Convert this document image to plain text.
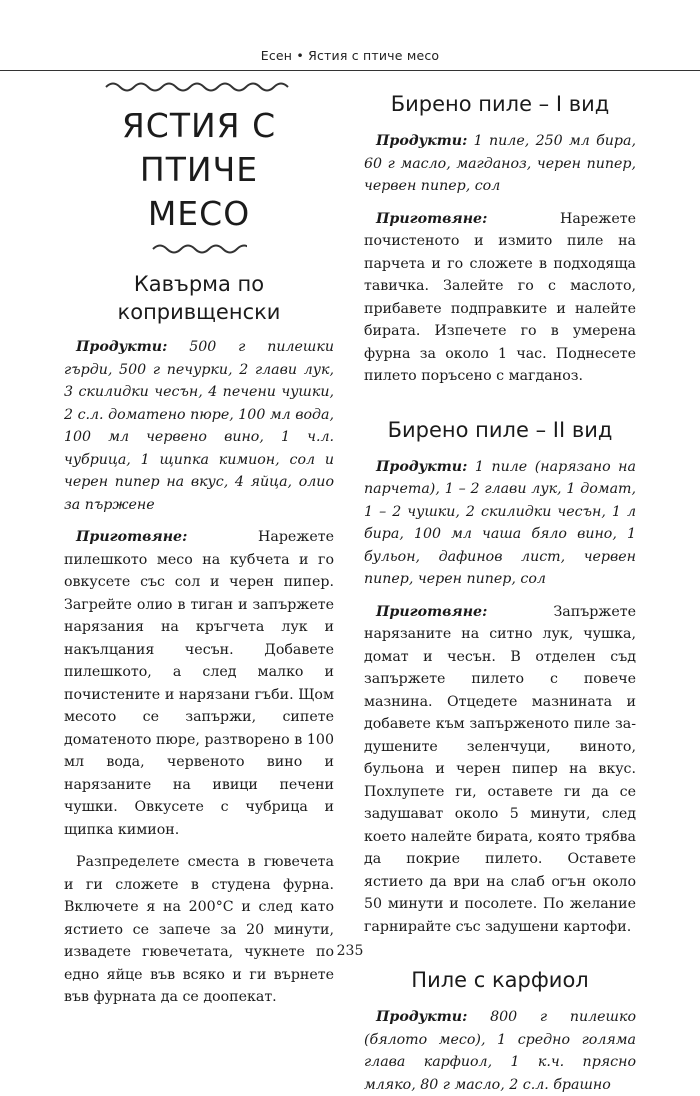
Есен • Ястия с птиче месо
ЯСТИЯ С ПТИЧЕ
МЕСО
Кавърма по
копривщенски

Продукти: 500 г пилешки гърди, 500 г печурки, 2 глави лук, 3 скилидки чесън, 4 печени чушки, 2 с.л. доматено пюре, 100 мл вода, 100 мл червено вино, 1 ч.л. чубрица, 1 щипка кимион, сол и черен пипер на вкус, 4 яйца, олио за пържене

Приготвяне:	Нарежете пилешкото месо на кубчета и го овкусете със сол и черен пипер. Загрейте олио в тиган и запържете нарязания на кръгчета лук и накълцания чесън. Добавете пилешкото, а след малко и почистените и нарязани гъби. Щом месото се запържи, сипете доматеното пюре, разтворено в 100 мл вода, червеното вино и нарязаните на ивици печени чушки. Овкусете с чубрица и щипка кимион.

Разпределете сместа в гювечета и ги сложете в студена фурна. Включете я на 200°C и след като ястието се запече за 20 минути, извадете гювечетата, чукнете по едно яйце във всяко и ги върнете във фурната да се доопекат.

Бирено пиле – I вид

Продукти: 1 пиле, 250 мл бира, 60 г масло, магданоз, черен пипер, червен пипер, сол

Приготвяне:	Нарежете почистеното и измито пиле на парчета и го сложете в подходяща тавичка. Залейте го с маслото, прибавете подправките и налейте бирата. Изпечете го в умерена фурна за около 1 час. Поднесете пилето поръсено с магданоз.

Бирено пиле – II вид

Продукти: 1 пиле (нарязано на парчета), 1 – 2 глави лук, 1 домат, 1 – 2 чушки, 2 скилидки чесън, 1 л бира, 100 мл чаша бяло вино, 1 бульон, дафинов лист, червен пипер, черен пипер, сол

Приготвяне:	Запържете нарязаните на ситно лук, чушка, домат и чесън. В отделен съд запържете пилето с повече мазнина. Отцедете мазнината и добавете към запърженото пиле задушените зеленчуци, виното, бульона и черен пипер на вкус. Похлупете ги, оставете ги да се задушават около 5 минути, след което налейте бирата, която трябва да покрие пилето. Оставете ястието да ври на слаб огън около 50 минути и посолете. По желание гарнирайте със задушени картофи.

Пиле с карфиол

Продукти: 800 г пилешко (бялото месо), 1 средно голяма глава карфиол, 1 к.ч. прясно мляко, 80 г масло, 2 с.л. брашно

235
